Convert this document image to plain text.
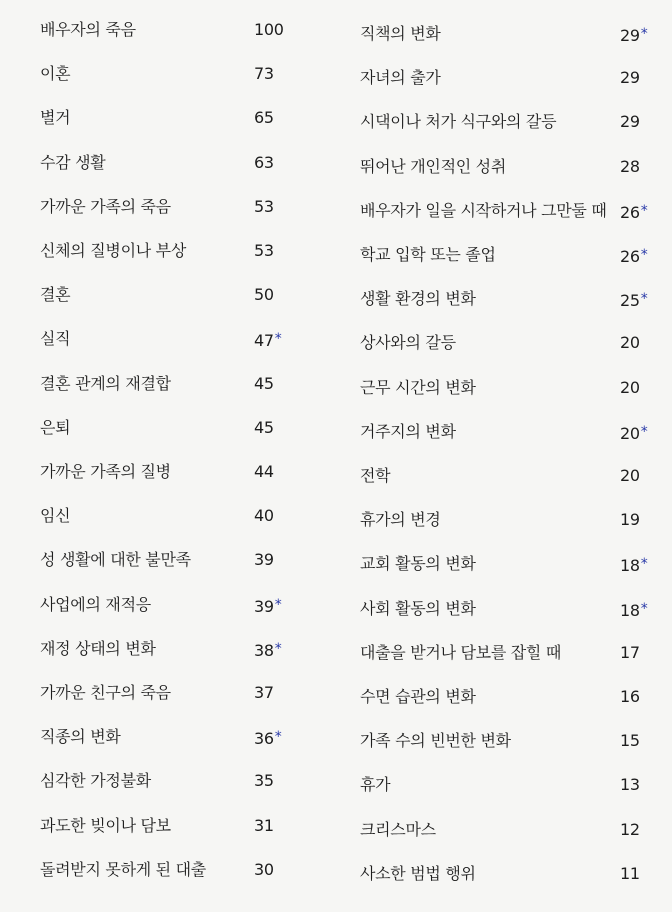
배우자의 죽음	100
이혼	73
별거	65
수감 생활	63
가까운 가족의 죽음	53
신체의 질병이나 부상	53
결혼	50
실직	47*
결혼 관계의 재결합	45
은퇴	45
가까운 가족의 질병	44
임신	40
성 생활에 대한 불만족	39
사업에의 재적응	39*
재정 상태의 변화	38*
가까운 친구의 죽음	37
직종의 변화	36*
심각한 가정불화	35
과도한 빚이나 담보	31
돌려받지 못하게 된 대출	30
직책의 변화	29*
자녀의 출가	29
시댁이나 처가 식구와의 갈등	29
뛰어난 개인적인 성취	28
배우자가 일을 시작하거나 그만둘 때 26*
학교 입학 또는 졸업	26*
생활 환경의 변화	25*
상사와의 갈등	20
근무 시간의 변화	20
거주지의 변화	20*
전학	20
휴가의 변경	19
교회 활동의 변화	18*
사회 활동의 변화	18*
대출을 받거나 담보를 잡힐 때	17
수면 습관의 변화	16
가족 수의 빈번한 변화	15
휴가	13
크리스마스	12
사소한 범법 행위	11
